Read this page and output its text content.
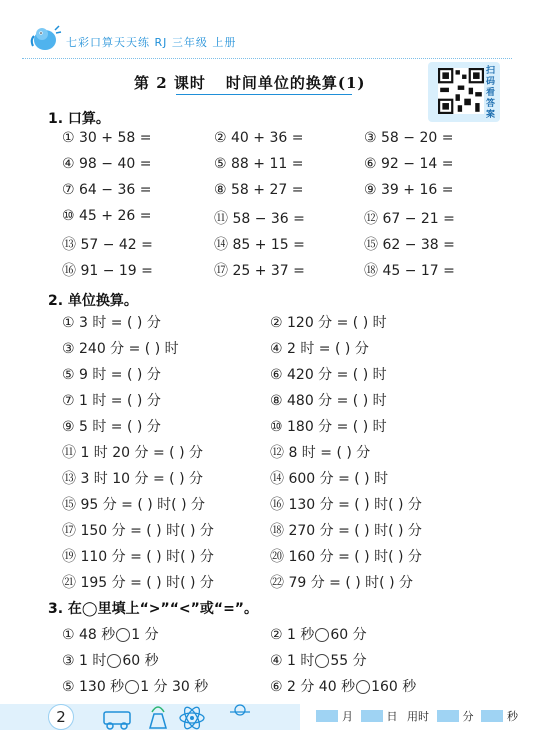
七彩口算天天练 RJ 三年级 上册
扫码看答案
第 2 课时 时间单位的换算(1)
1. 口算。
① 30 + 58 =	② 40 + 36 =	③ 58 − 20 =
④ 98 − 40 =	⑤ 88 + 11 =	⑥ 92 − 14 =
⑦ 64 − 36 =	⑧ 58 + 27 =	⑨ 39 + 16 =
⑩ 45 + 26 =	⑪ 58 − 36 =	⑫ 67 − 21 =
⑬ 57 − 42 =	⑭ 85 + 15 =	⑮ 62 − 38 =
⑯ 91 − 19 =	⑰ 25 + 37 =	⑱ 45 − 17 =
2. 单位换算。
① 3 时 = ( ) 分	② 120 分 = ( ) 时
③ 240 分 = ( ) 时	④ 2 时 = ( ) 分
⑤ 9 时 = ( ) 分	⑥ 420 分 = ( ) 时
⑦ 1 时 = ( ) 分	⑧ 480 分 = ( ) 时
⑨ 5 时 = ( ) 分	⑩ 180 分 = ( ) 时
⑪ 1 时 20 分 = ( ) 分	⑫ 8 时 = ( ) 分
⑬ 3 时 10 分 = ( ) 分	⑭ 600 分 = ( ) 时
⑮ 95 分 = ( ) 时( ) 分	⑯ 130 分 = ( ) 时( ) 分
⑰ 150 分 = ( ) 时( ) 分	⑱ 270 分 = ( ) 时( ) 分
⑲ 110 分 = ( ) 时( ) 分	⑳ 160 分 = ( ) 时( ) 分
㉑ 195 分 = ( ) 时( ) 分	㉒ 79 分 = ( ) 时( ) 分
3. 在◯里填上“>”“<”或“=”。
① 48 秒 1 分	② 1 秒 60 分
③ 1 时 60 秒	④ 1 时 55 分
⑤ 130 秒 1 分 30 秒	⑥ 2 分 40 秒 160 秒
2	月	日 用时	分	秒
